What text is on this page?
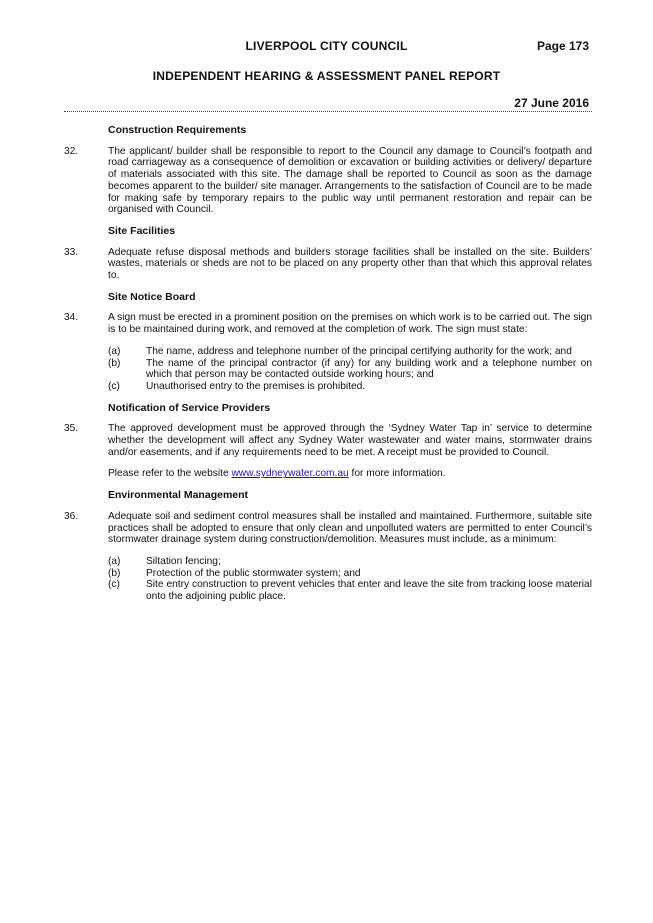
LIVERPOOL CITY COUNCIL	Page 173
INDEPENDENT HEARING & ASSESSMENT PANEL REPORT
27 June 2016
Construction Requirements
32.	The applicant/ builder shall be responsible to report to the Council any damage to Council’s footpath and road carriageway as a consequence of demolition or excavation or building activities or delivery/ departure of materials associated with this site. The damage shall be reported to Council as soon as the damage becomes apparent to the builder/ site manager. Arrangements to the satisfaction of Council are to be made for making safe by temporary repairs to the public way until permanent restoration and repair can be organised with Council.

Site Facilities
33.	Adequate refuse disposal methods and builders storage facilities shall be installed on the site. Builders’ wastes, materials or sheds are not to be placed on any property other than that which this approval relates to.

Site Notice Board
34.	A sign must be erected in a prominent position on the premises on which work is to be carried out. The sign is to be maintained during work, and removed at the completion of work. The sign must state:

(a)	The name, address and telephone number of the principal certifying authority for the work; and
(b)	The name of the principal contractor (if any) for any building work and a telephone number on which that person may be contacted outside working hours; and
(c)	Unauthorised entry to the premises is prohibited.
Notification of Service Providers
35.	The approved development must be approved through the ‘Sydney Water Tap in’ service to determine whether the development will affect any Sydney Water wastewater and water mains, stormwater drains and/or easements, and if any requirements need to be met. A receipt must be provided to Council.

Please refer to the website www.sydneywater.com.au for more information.

Environmental Management
36.	Adequate soil and sediment control measures shall be installed and maintained. Furthermore, suitable site practices shall be adopted to ensure that only clean and unpolluted waters are permitted to enter Council’s stormwater drainage system during construction/demolition. Measures must include, as a minimum:

(a)	Siltation fencing;
(b)	Protection of the public stormwater system; and
(c)	Site entry construction to prevent vehicles that enter and leave the site from tracking loose material onto the adjoining public place.
